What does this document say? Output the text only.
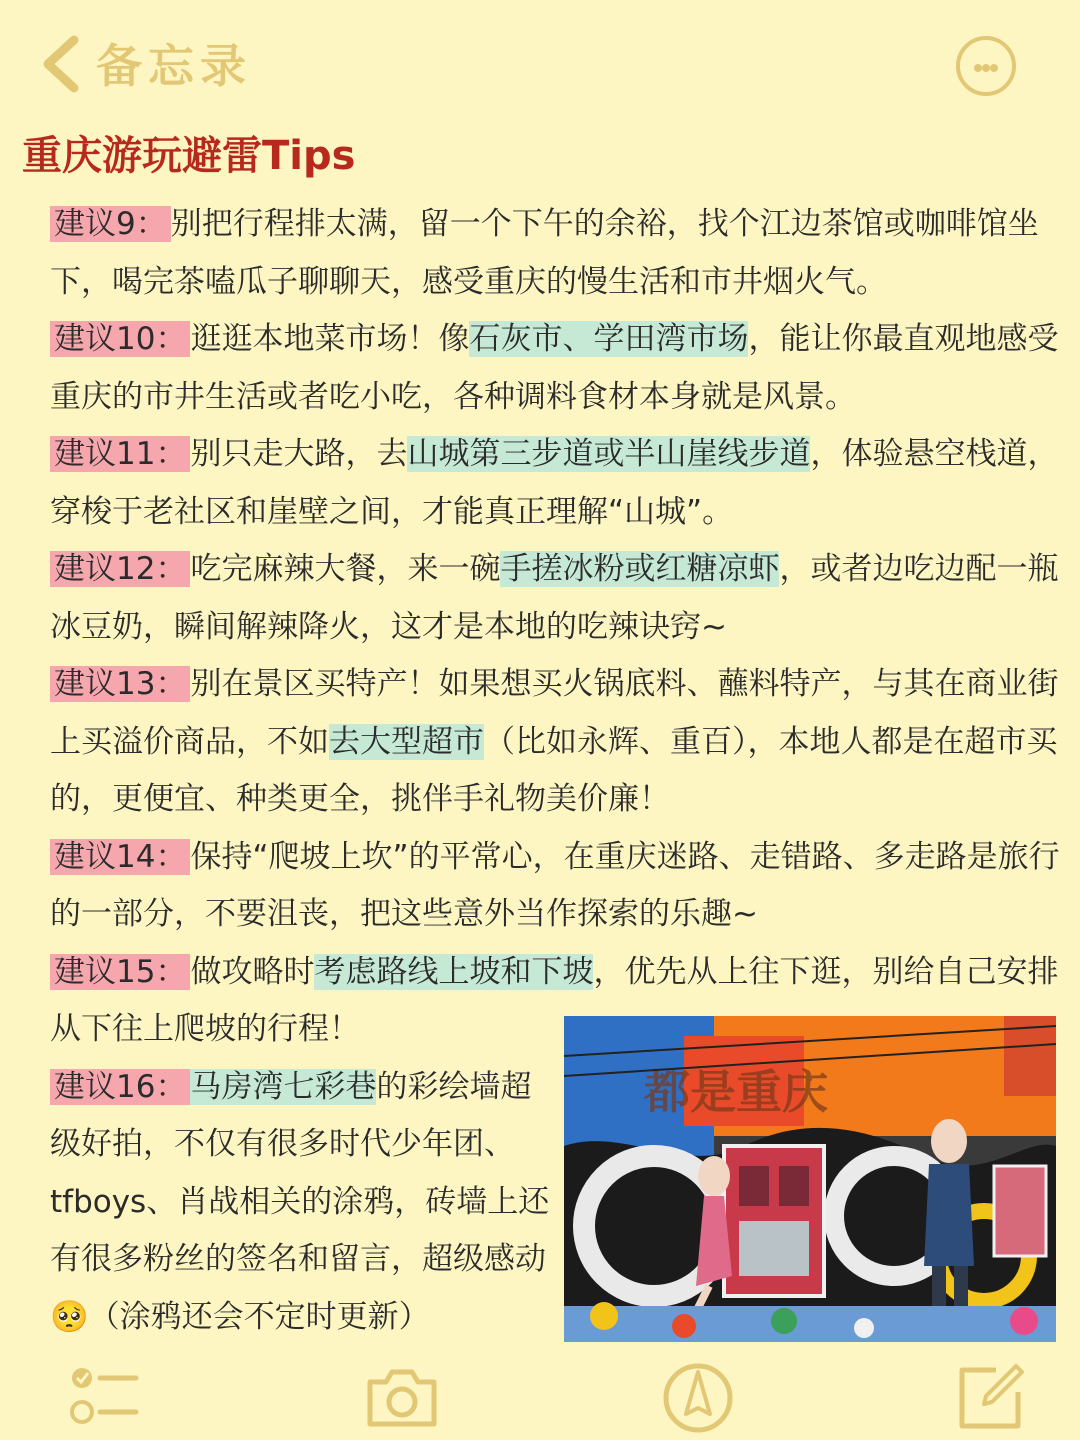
备忘录
重庆游玩避雷Tips

建议9： 别把行程排太满，留一个下午的余裕，找个江边茶馆或咖啡馆坐下，喝完茶嗑瓜子聊聊天，感受重庆的慢生活和市井烟火气。

建议10： 逛逛本地菜市场！像石灰市、学田湾市场，能让你最直观地感受重庆的市井生活或者吃小吃，各种调料食材本身就是风景。

建议11： 别只走大路，去山城第三步道或半山崖线步道，体验悬空栈道，穿梭于老社区和崖壁之间，才能真正理解“山城”。

建议12： 吃完麻辣大餐，来一碗手搓冰粉或红糖凉虾，或者边吃边配一瓶冰豆奶，瞬间解辣降火，这才是本地的吃辣诀窍~

建议13： 别在景区买特产！如果想买火锅底料、蘸料特产，与其在商业街上买溢价商品，不如去大型超市（比如永辉、重百），本地人都是在超市买的，更便宜、种类更全，挑伴手礼物美价廉！

建议14： 保持“爬坡上坎”的平常心，在重庆迷路、走错路、多走路是旅行的一部分，不要沮丧，把这些意外当作探索的乐趣~

建议15： 做攻略时考虑路线上坡和下坡，优先从上往下逛，别给自己安排从下往上爬坡的行程！

建议16： 马房湾七彩巷的彩绘墙超级好拍，不仅有很多时代少年团、tfboys、肖战相关的涂鸦，砖墙上还有很多粉丝的签名和留言，超级感动🥺（涂鸦还会不定时更新）

都是重庆
